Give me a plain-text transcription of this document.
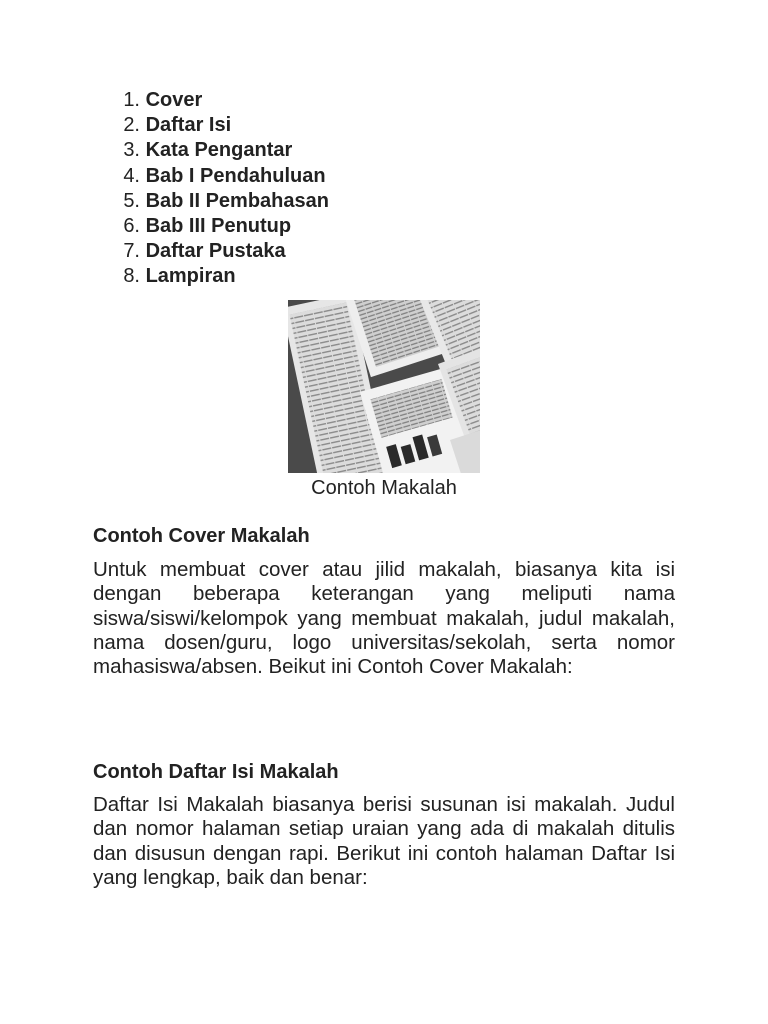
1. Cover
2. Daftar Isi
3. Kata Pengantar
4. Bab I Pendahuluan
5. Bab II Pembahasan
6. Bab III Penutup
7. Daftar Pustaka
8. Lampiran
Contoh Makalah
Contoh Cover Makalah
Untuk membuat cover atau jilid makalah, biasanya kita isi dengan beberapa keterangan yang meliputi nama siswa/siswi/kelompok yang membuat makalah, judul makalah, nama dosen/guru, logo universitas/sekolah, serta nomor mahasiswa/absen. Beikut ini Contoh Cover Makalah:
Contoh Daftar Isi Makalah
Daftar Isi Makalah biasanya berisi susunan isi makalah. Judul dan nomor halaman setiap uraian yang ada di makalah ditulis dan disusun dengan rapi. Berikut ini contoh halaman Daftar Isi yang lengkap, baik dan benar:
